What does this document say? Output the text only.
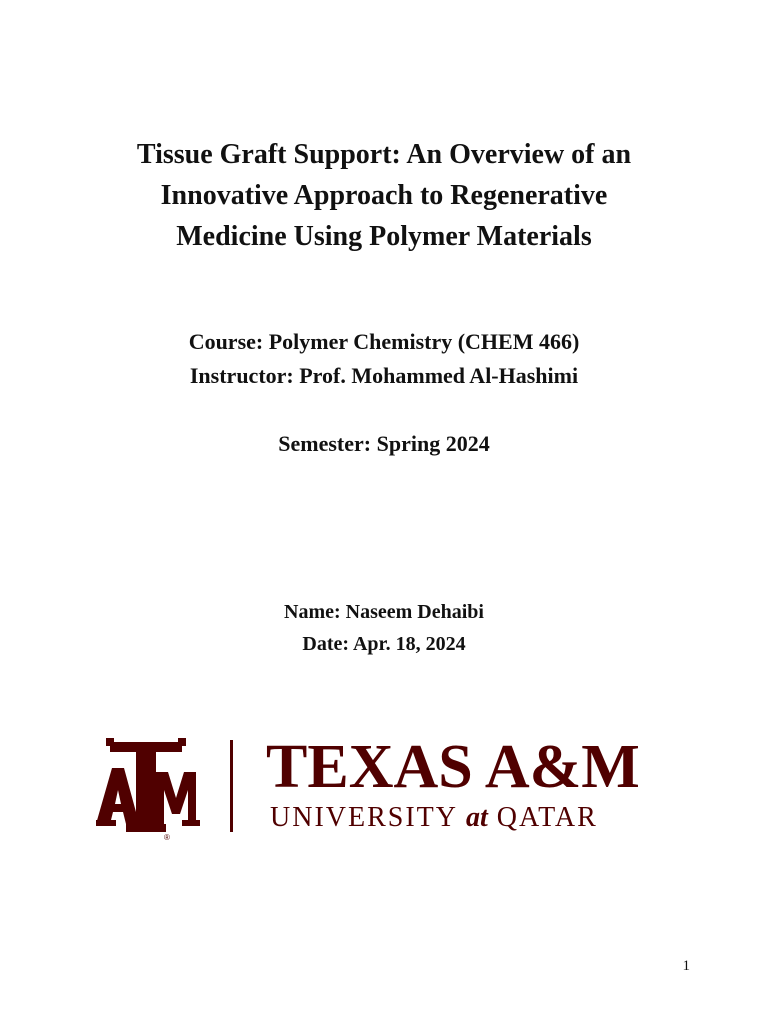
Tissue Graft Support: An Overview of an
Innovative Approach to Regenerative
Medicine Using Polymer Materials
Course: Polymer Chemistry (CHEM 466)
Instructor: Prof. Mohammed Al-Hashimi
Semester: Spring 2024
Name: Naseem Dehaibi
Date: Apr. 18, 2024
®
TEXAS A&M
UNIVERSITY at QATAR
1
